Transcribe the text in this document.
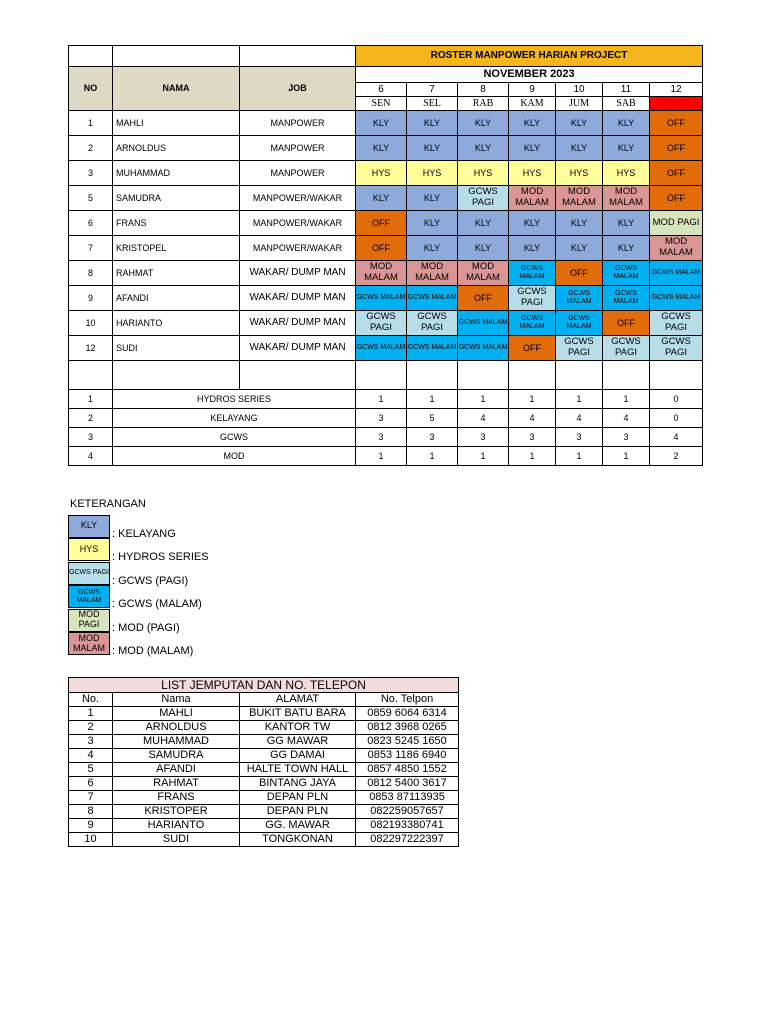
			ROSTER MANPOWER HARIAN PROJECT						
NO	NAMA	JOB	NOVEMBER 2023						
			6	7	8	9	10	11	12
			SEN	SEL	RAB	KAM	JUM	SAB	MGG
1	MAHLI	MANPOWER	KLY	KLY	KLY	KLY	KLY	KLY	OFF
2	ARNOLDUS	MANPOWER	KLY	KLY	KLY	KLY	KLY	KLY	OFF
3	MUHAMMAD	MANPOWER	HYS	HYS	HYS	HYS	HYS	HYS	OFF
5	SAMUDRA	MANPOWER/WAKAR	KLY	KLY	GCWS PAGI	MOD MALAM	MOD MALAM	MOD MALAM	OFF
6	FRANS	MANPOWER/WAKAR	OFF	KLY	KLY	KLY	KLY	KLY	MOD PAGI
7	KRISTOPEL	MANPOWER/WAKAR	OFF	KLY	KLY	KLY	KLY	KLY	MOD MALAM
8	RAHMAT	WAKAR/ DUMP MAN	MOD MALAM	MOD MALAM	MOD MALAM	GCWS MALAM	OFF	GCWS MALAM	GCWS MALAM
9	AFANDI	WAKAR/ DUMP MAN	GCWS MALAM	GCWS MALAM	OFF	GCWS PAGI	GCWS MALAM	GCWS MALAM	GCWS MALAM
10	HARIANTO	WAKAR/ DUMP MAN	GCWS PAGI	GCWS PAGI	GCWS MALAM	GCWS MALAM	GCWS MALAM	OFF	GCWS PAGI
12	SUDI	WAKAR/ DUMP MAN	GCWS MALAM	GCWS MALAM	GCWS MALAM	OFF	GCWS PAGI	GCWS PAGI	GCWS PAGI

1	HYDROS SERIES		1	1	1	1	1	1	0
2	KELAYANG		3	5	4	4	4	4	0
3	GCWS		3	3	3	3	3	3	4
4	MOD		1	1	1	1	1	1	2
KETERANGAN
KLY
: KELAYANG
HYS
: HYDROS SERIES
GCWS PAGI
: GCWS (PAGI)
GCWS MALAM : GCWS (MALAM)
MOD PAGI	: MOD (PAGI)
MOD MALAM : MOD (MALAM)
LIST JEMPUTAN DAN NO. TELEPON			
No.	Nama	ALAMAT	No. Telpon
1	MAHLI	BUKIT BATU BARA	0859 6064 6314
2	ARNOLDUS	KANTOR TW	0812 3968 0265
3	MUHAMMAD	GG MAWAR	0823 5245 1650
4	SAMUDRA	GG DAMAI	0853 1186 6940
5	AFANDI	HALTE TOWN HALL	0857 4850 1552
6	RAHMAT	BINTANG JAYA	0812 5400 3617
7	FRANS	DEPAN PLN	0853 87113935
8	KRISTOPER	DEPAN PLN	082259057657
9	HARIANTO	GG. MAWAR	082193380741
10	SUDI	TONGKONAN	082297222397
